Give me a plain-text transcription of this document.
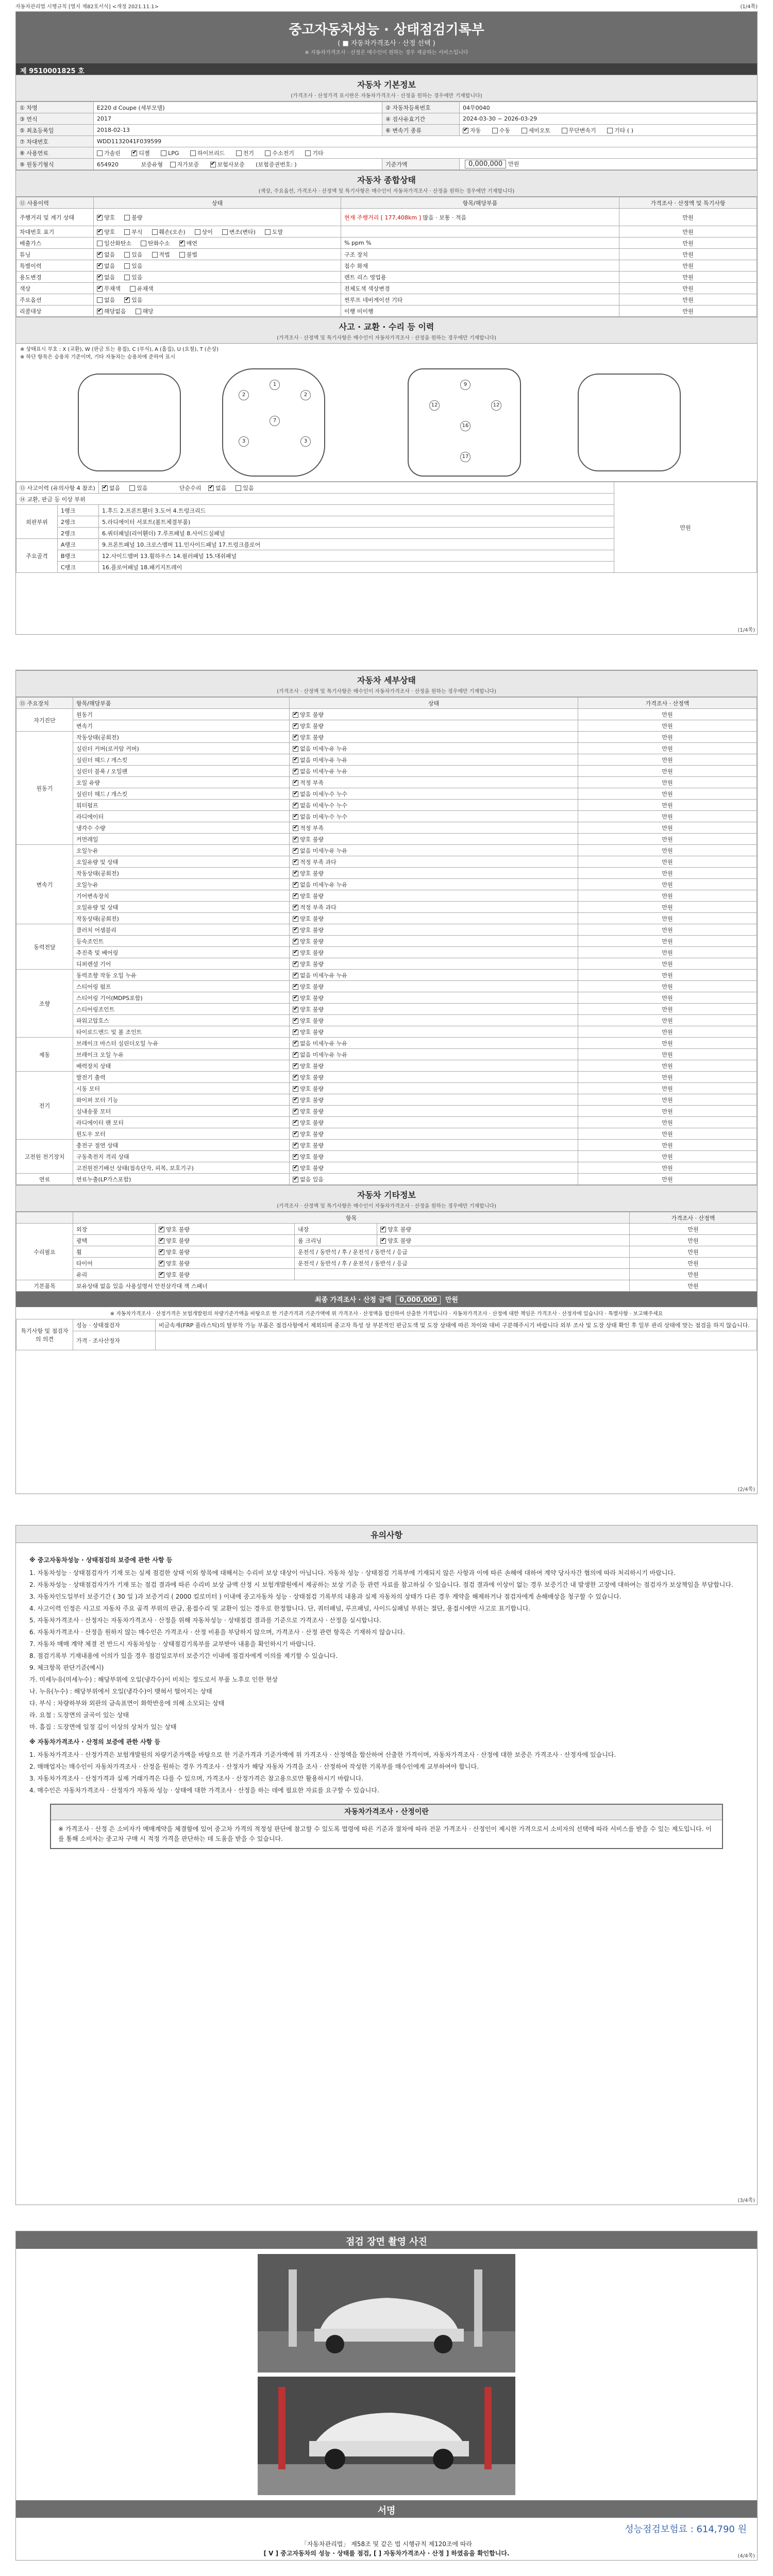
자동차관리법 시행규칙 [별지 제82호서식] <개정 2021.11.1>	(1/4쪽)
중고자동차성능 · 상태점검기록부
( ■ 자동차가격조사 · 산정 선택 )
※ 자동차가격조사 · 산정은 매수인이 원하는 경우 제공하는 서비스입니다
제 9510001825 호
자동차 기본정보
(가격조사 · 산정가격 표시란은 자동차가격조사 · 산정을 원하는 경우에만 기재합니다)
① 차명	E220 d Coupe (세부모델)	② 자동차등록번호	04무0040
③ 연식	2017	④ 검사유효기간	2024-03-30 ~ 2026-03-29
⑤ 최초등록일	2018-02-13	⑥ 변속기 종류	✔자동 수동 세미오토 무단변속기 기타 ( )
⑦ 차대번호	WDD1132041F039599		
⑧ 사용연료	가솔린 ✔ 디젤 LPG 하이브리드 전기 수소전기 기타
⑨ 원동기형식	654920 보증유형 자가보증 ✔ 보험사보증 (보험증권번호: )	기준가액	0,000,000 만원
자동차 종합상태
(색상, 주요옵션, 가격조사 · 산정액 및 특기사항은 매수인이 자동차가격조사 · 산정을 원하는 경우에만 기재합니다)
⑪ 사용이력	상태	항목/해당부품	가격조사 · 산정액 및 특기사항
주행거리 및 계기 상태	✔양호 불량	현재 주행거리 [ 177,408km ] 많음 · 보통 · 적음	만원
차대번호 표기	✔양호 부식 훼손(오손) 상이 변조(변타) 도말		만원
배출가스	일산화탄소 탄화수소 ✔ 매연	% ppm %	만원
튜닝	✔없음 있음 적법 불법	구조 장치	만원
특별이력	✔없음 있음	침수 화재	만원
용도변경	✔없음 있음	렌트 리스 영업용	만원
색상	✔무채색 유채색	전체도색 색상변경	만원
주요옵션	없음 ✔ 있음	썬루프 네비게이션 기타	만원
리콜대상	✔해당없음 해당	이행 미이행	만원
사고 · 교환 · 수리 등 이력
(가격조사 · 산정액 및 특기사항은 매수인이 자동차가격조사 · 산정을 원하는 경우에만 기재합니다)
※ 상태표시 부호 : X (교환), W (판금 또는 용접), C (부식), A (흠집), U (요철), T (손상)
※ 하단 항목은 승용차 기준이며, 기타 자동차는 승용차에 준하여 표시
2
1
2
7
3	3
9
12	12
16
17
⑬ 사고이력 (유의사항 4 참조)	✔없음 있음 단순수리 ✔ 없음 있음	만원
⑭ 교환, 판금 등 이상 부위			
외판부위	1랭크	1.후드 2.프론트휀더 3.도어 4.트렁크리드	
	2랭크	5.라디에이터 서포트(볼트체결부품)	
	2랭크	6.쿼터패널(리어휀더) 7.루프패널 8.사이드실패널	
주요골격	A랭크	9.프론트패널 10.크로스멤버 11.인사이드패널 17.트렁크플로어	
	B랭크	12.사이드멤버 13.휠하우스 14.필러패널 15.대쉬패널	
	C랭크	16.플로어패널 18.패키지트레이	
(1/4쪽)
자동차 세부상태
(가격조사 · 산정액 및 특기사항은 매수인이 자동차가격조사 · 산정을 원하는 경우에만 기재합니다)
⑮ 주요장치	항목/해당부품	상태	가격조사 · 산정액
자기진단	원동기	✔양호 불량	만원
	변속기	✔양호 불량	만원
원동기	작동상태(공회전)	✔양호 불량	만원
	실린더 커버(로커암 커버)	✔없음 미세누유 누유	만원
	실린더 헤드 / 개스킷	✔없음 미세누유 누유	만원
	실린더 블록 / 오일팬	✔없음 미세누유 누유	만원
	오일 유량	✔적정 부족	만원
	실린더 헤드 / 개스킷	✔없음 미세누수 누수	만원
	워터펌프	✔없음 미세누수 누수	만원
	라디에이터	✔없음 미세누수 누수	만원
	냉각수 수량	✔적정 부족	만원
	커먼레일	✔양호 불량	만원
변속기	오일누유	✔없음 미세누유 누유	만원
	오일유량 및 상태	✔적정 부족 과다	만원
	작동상태(공회전)	✔양호 불량	만원
	오일누유	✔없음 미세누유 누유	만원
	기어변속장치	✔양호 불량	만원
	오일유량 및 상태	✔적정 부족 과다	만원
	작동상태(공회전)	✔양호 불량	만원
동력전달	클러치 어셈블리	✔양호 불량	만원
	등속조인트	✔양호 불량	만원
	추진축 및 베어링	✔양호 불량	만원
	디퍼렌셜 기어	✔양호 불량	만원
조향	동력조향 작동 오일 누유	✔없음 미세누유 누유	만원
	스티어링 펌프	✔양호 불량	만원
	스티어링 기어(MDPS포함)	✔양호 불량	만원
	스티어링조인트	✔양호 불량	만원
	파워고압호스	✔양호 불량	만원
	타이로드엔드 및 볼 조인트	✔양호 불량	만원
제동	브레이크 마스터 실린더오일 누유	✔없음 미세누유 누유	만원
	브레이크 오일 누유	✔없음 미세누유 누유	만원
	배력장치 상태	✔양호 불량	만원
전기	발전기 출력	✔양호 불량	만원
	시동 모터	✔양호 불량	만원
	와이퍼 모터 기능	✔양호 불량	만원
	실내송풍 모터	✔양호 불량	만원
	라디에이터 팬 모터	✔양호 불량	만원
	윈도우 모터	✔양호 불량	만원
고전원 전기장치	충전구 절연 상태	✔양호 불량	만원
	구동축전지 격리 상태	✔양호 불량	만원
	고전원전기배선 상태(접속단자, 피복, 보호기구)	✔양호 불량	만원
연료	연료누출(LP가스포함)	✔없음 있음	만원
자동차 기타정보
(가격조사 · 산정액 및 특기사항은 매수인이 자동차가격조사 · 산정을 원하는 경우에만 기재합니다)
	항목				가격조사 · 산정액
수리필요	외장	✔양호 불량	내장	✔양호 불량	만원
	광택	✔양호 불량	룸 크리닝	✔양호 불량	만원
	휠	✔양호 불량	운전석 / 동반석 / 후 / 운전석 / 동반석 / 응급		만원
	타이어	✔양호 불량	운전석 / 동반석 / 후 / 운전석 / 동반석 / 응급		만원
	유리	✔양호 불량			만원
기본품목	보유상태 없음 있음 사용설명서 안전삼각대 잭 스패너				만원
최종 가격조사 · 산정 금액 0,000,000 만원
※ 자동차가격조사 · 산정가격은 보험개발원의 차량기준가액을 바탕으로 한 기준가격과 기준가액에 위 가격조사 · 산정액을 합산하여 산출한 가격입니다 · 자동차가격조사 · 산정에 대한 책임은 가격조사 · 산정자에 있습니다 · 특별사항 · 보고해주세요
특기사항 및 점검자의 의견	성능 · 상태점검자	비금속재(FRP 플라스틱)의 탈부착 가능 부품은 점검사항에서 제외되며 중고자 특성 상 부분적인 판금도색 및 도장 상태에 따른 차이와 대비 구분해주시기 바랍니다 외부 조사 및 도장 상태 확인 후 일부 관리 상태에 맞는 점검을 하지 않습니다.
	가격 · 조사산정자	
(2/4쪽)
유의사항
※ 중고자동차성능 · 상태점검의 보증에 관한 사항 등

1. 자동차성능 · 상태점검자가 기재 또는 실제 점검한 상태 이외 항목에 대해서는 수리비 보상 대상이 아닙니다. 자동차 성능 · 상태점검 기록부에 기재되지 않은 사항과 이에 따른 손해에 대하여 계약 당사자간 협의에 따라 처리하시기 바랍니다.

2. 자동차성능 · 상태점검자가가 기재 또는 점검 결과에 따른 수리비 보상 금액 산정 시 보험개발원에서 제공하는 보상 기준 등 관련 자료를 참고하실 수 있습니다. 점검 결과에 이상이 없는 경우 보증기간 내 발생한 고장에 대하여는 점검자가 보상책임을 부담합니다.

3. 자동차인도일부터 보증기간 ( 30 일 )과 보증거리 ( 2000 킬로미터 ) 이내에 중고자동차 성능 · 상태점검 기록부의 내용과 실제 자동차의 상태가 다른 경우 계약을 해제하거나 점검자에게 손해배상을 청구할 수 있습니다.

4. 사고이력 인정은 사고로 자동차 주요 골격 부위의 판금, 용접수리 및 교환이 있는 경우로 한정합니다. 단, 쿼터패널, 루프패널, 사이드실패널 부위는 절단, 용접시에만 사고로 표기합니다.

5. 자동차가격조사 · 산정자는 자동차가격조사 · 산정을 위해 자동차성능 · 상태점검 결과를 기준으로 가격조사 · 산정을 실시합니다.

6. 자동차가격조사 · 산정을 원하지 않는 매수인은 가격조사 · 산정 비용을 부담하지 않으며, 가격조사 · 산정 관련 항목은 기재하지 않습니다.

7. 자동차 매매 계약 체결 전 반드시 자동차성능 · 상태점검기록부를 교부받아 내용을 확인하시기 바랍니다.

8. 점검기록부 기재내용에 이의가 있을 경우 점검일로부터 보증기간 이내에 점검자에게 이의를 제기할 수 있습니다.

9. 체크항목 판단기준(예시)

가. 미세누유(미세누수) : 해당부위에 오일(냉각수)이 비치는 정도로서 부품 노후로 인한 현상

나. 누유(누수) : 해당부위에서 오일(냉각수)이 맺혀서 떨어지는 상태

다. 부식 : 차량하부와 외판의 금속표면이 화학반응에 의해 소모되는 상태

라. 요철 : 도장면의 굴곡이 있는 상태

마. 흠집 : 도장면에 일정 깊이 이상의 상처가 있는 상태

※ 자동차가격조사 · 산정의 보증에 관한 사항 등

1. 자동차가격조사 · 산정가격은 보험개발원의 차량기준가액을 바탕으로 한 기준가격과 기준가액에 위 가격조사 · 산정액을 합산하여 산출한 가격이며, 자동차가격조사 · 산정에 대한 보증은 가격조사 · 산정자에 있습니다.

2. 매매업자는 매수인이 자동차가격조사 · 산정을 원하는 경우 가격조사 · 산정자가 해당 자동차 가격을 조사 · 산정하여 작성한 기록부를 매수인에게 교부하여야 합니다.

3. 자동차가격조사 · 산정가격과 실제 거래가격은 다를 수 있으며, 가격조사 · 산정가격은 참고용으로만 활용하시기 바랍니다.

4. 매수인은 자동차가격조사 · 산정자가 자동차 성능 · 상태에 대한 가격조사 · 산정을 하는 데에 필요한 자료를 요구할 수 있습니다.

자동차가격조사 · 산정이란
※ 가격조사 · 산정 은 소비자가 매매계약을 체결함에 있어 중고차 가격의 적정성 판단에 참고할 수 있도록 법령에 따른 기준과 절차에 따라 전문 가격조사 · 산정인이 제시한 가격으로서 소비자의 선택에 따라 서비스를 받을 수 있는 제도입니다. 이를 통해 소비자는 중고차 구매 시 적정 가격을 판단하는 데 도움을 받을 수 있습니다.
(3/4쪽)
점검 장면 촬영 사진
서명
성능점검보험료 : 614,790 원
「자동차관리법」 제58조 및 같은 법 시행규칙 제120조에 따라
[ V ] 중고자동차의 성능 · 상태를 점검, [ ] 자동차가격조사 · 산정 ] 하였음을 확인합니다.	(4/4쪽)
